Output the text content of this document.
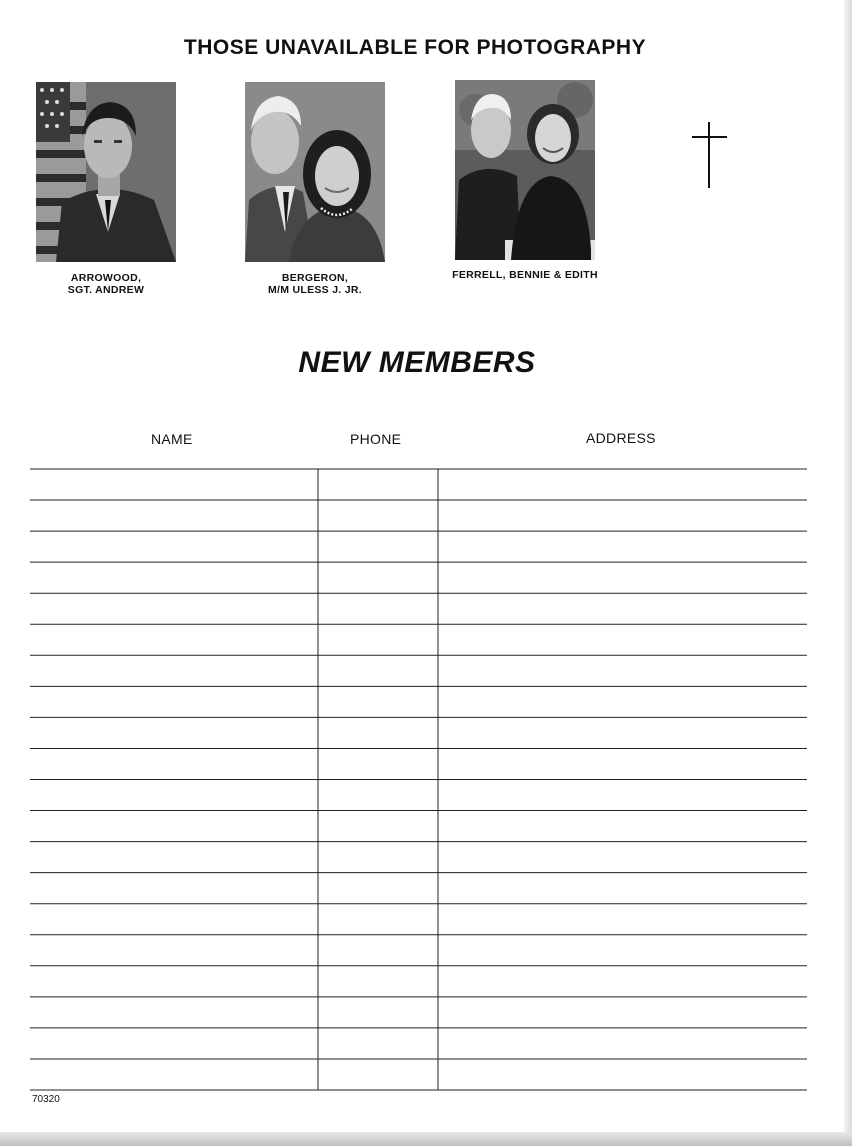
THOSE UNAVAILABLE FOR PHOTOGRAPHY
ARROWOOD,
SGT. ANDREW
BERGERON,
M/M ULESS J. JR.
FERRELL, BENNIE & EDITH
NEW MEMBERS
NAME	PHONE	ADDRESS
70320
